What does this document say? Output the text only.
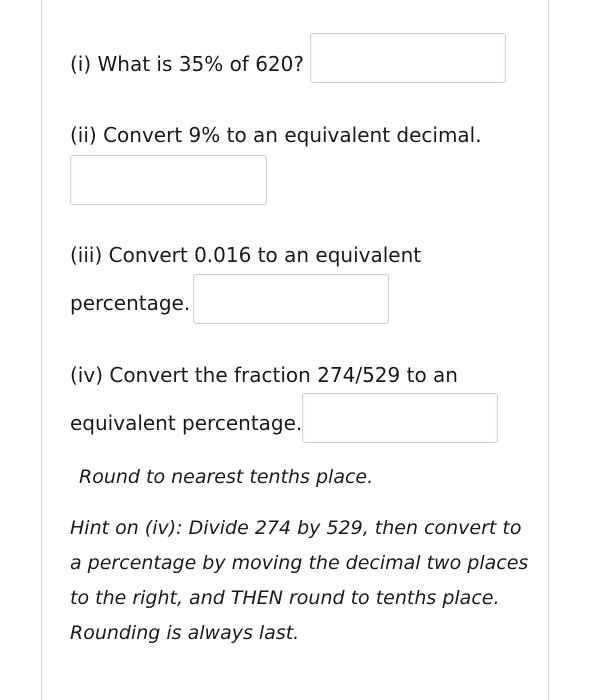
(i) What is 35% of 620?
(ii) Convert 9% to an equivalent decimal.
(iii) Convert 0.016 to an equivalent
percentage.
(iv) Convert the fraction 274/529 to an
equivalent percentage.
Round to nearest tenths place.
Hint on (iv): Divide 274 by 529, then convert to
a percentage by moving the decimal two places
to the right, and THEN round to tenths place.
Rounding is always last.
